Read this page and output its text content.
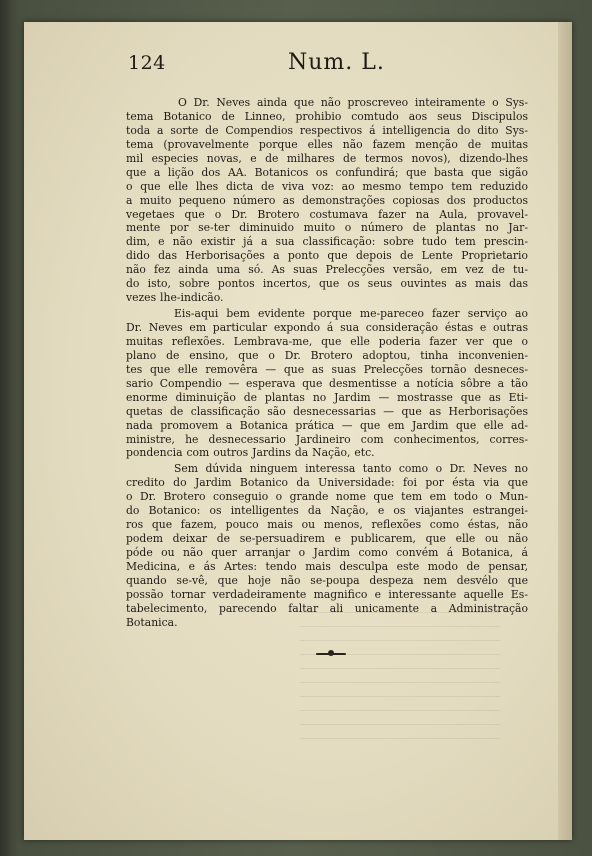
124	Num. L.
O Dr. Neves ainda que não proscreveo inteiramente o Sys-
tema Botanico de Linneo, prohibio comtudo aos seus Discipulos
toda a sorte de Compendios respectivos á intelligencia do dito Sys-
tema (provavelmente porque elles não fazem menção de muitas
mil especies novas, e de milhares de termos novos), dizendo-lhes
que a lição dos AA. Botanicos os confundirá; que basta que sigão
o que elle lhes dicta de viva voz: ao mesmo tempo tem reduzido
a muito pequeno número as demonstrações copiosas dos productos
vegetaes que o Dr. Brotero costumava fazer na Aula, provavel-
mente por se-ter diminuido muito o número de plantas no Jar-
dim, e não existir já a sua classificação: sobre tudo tem prescin-
dido das Herborisações a ponto que depois de Lente Proprietario
não fez ainda uma só. As suas Prelecções versão, em vez de tu-
do isto, sobre pontos incertos, que os seus ouvintes as mais das
vezes lhe-indicão.
Eis-aqui bem evidente porque me-pareceo fazer serviço ao
Dr. Neves em particular expondo á sua consideração éstas e outras
muitas reflexões. Lembrava-me, que elle poderia fazer ver que o
plano de ensino, que o Dr. Brotero adoptou, tinha inconvenien-
tes que elle removêra — que as suas Prelecções tornão desneces-
sario Compendio — esperava que desmentisse a notícia sôbre a tão
enorme diminuição de plantas no Jardim — mostrasse que as Eti-
quetas de classificação são desnecessarias — que as Herborisações
nada promovem a Botanica prática — que em Jardim que elle ad-
ministre, he desnecessario Jardineiro com conhecimentos, corres-
pondencia com outros Jardins da Nação, etc.
Sem dúvida ninguem interessa tanto como o Dr. Neves no
credito do Jardim Botanico da Universidade: foi por ésta via que
o Dr. Brotero conseguio o grande nome que tem em todo o Mun-
do Botanico: os intelligentes da Nação, e os viajantes estrangei-
ros que fazem, pouco mais ou menos, reflexões como éstas, não
podem deixar de se-persuadirem e publicarem, que elle ou não
póde ou não quer arranjar o Jardim como convém á Botanica, á
Medicina, e ás Artes: tendo mais desculpa este modo de pensar,
quando se-vê, que hoje não se-poupa despeza nem desvélo que
possão tornar verdadeiramente magnifico e interessante aquelle Es-
tabelecimento, parecendo faltar ali unicamente a Administração
Botanica.
